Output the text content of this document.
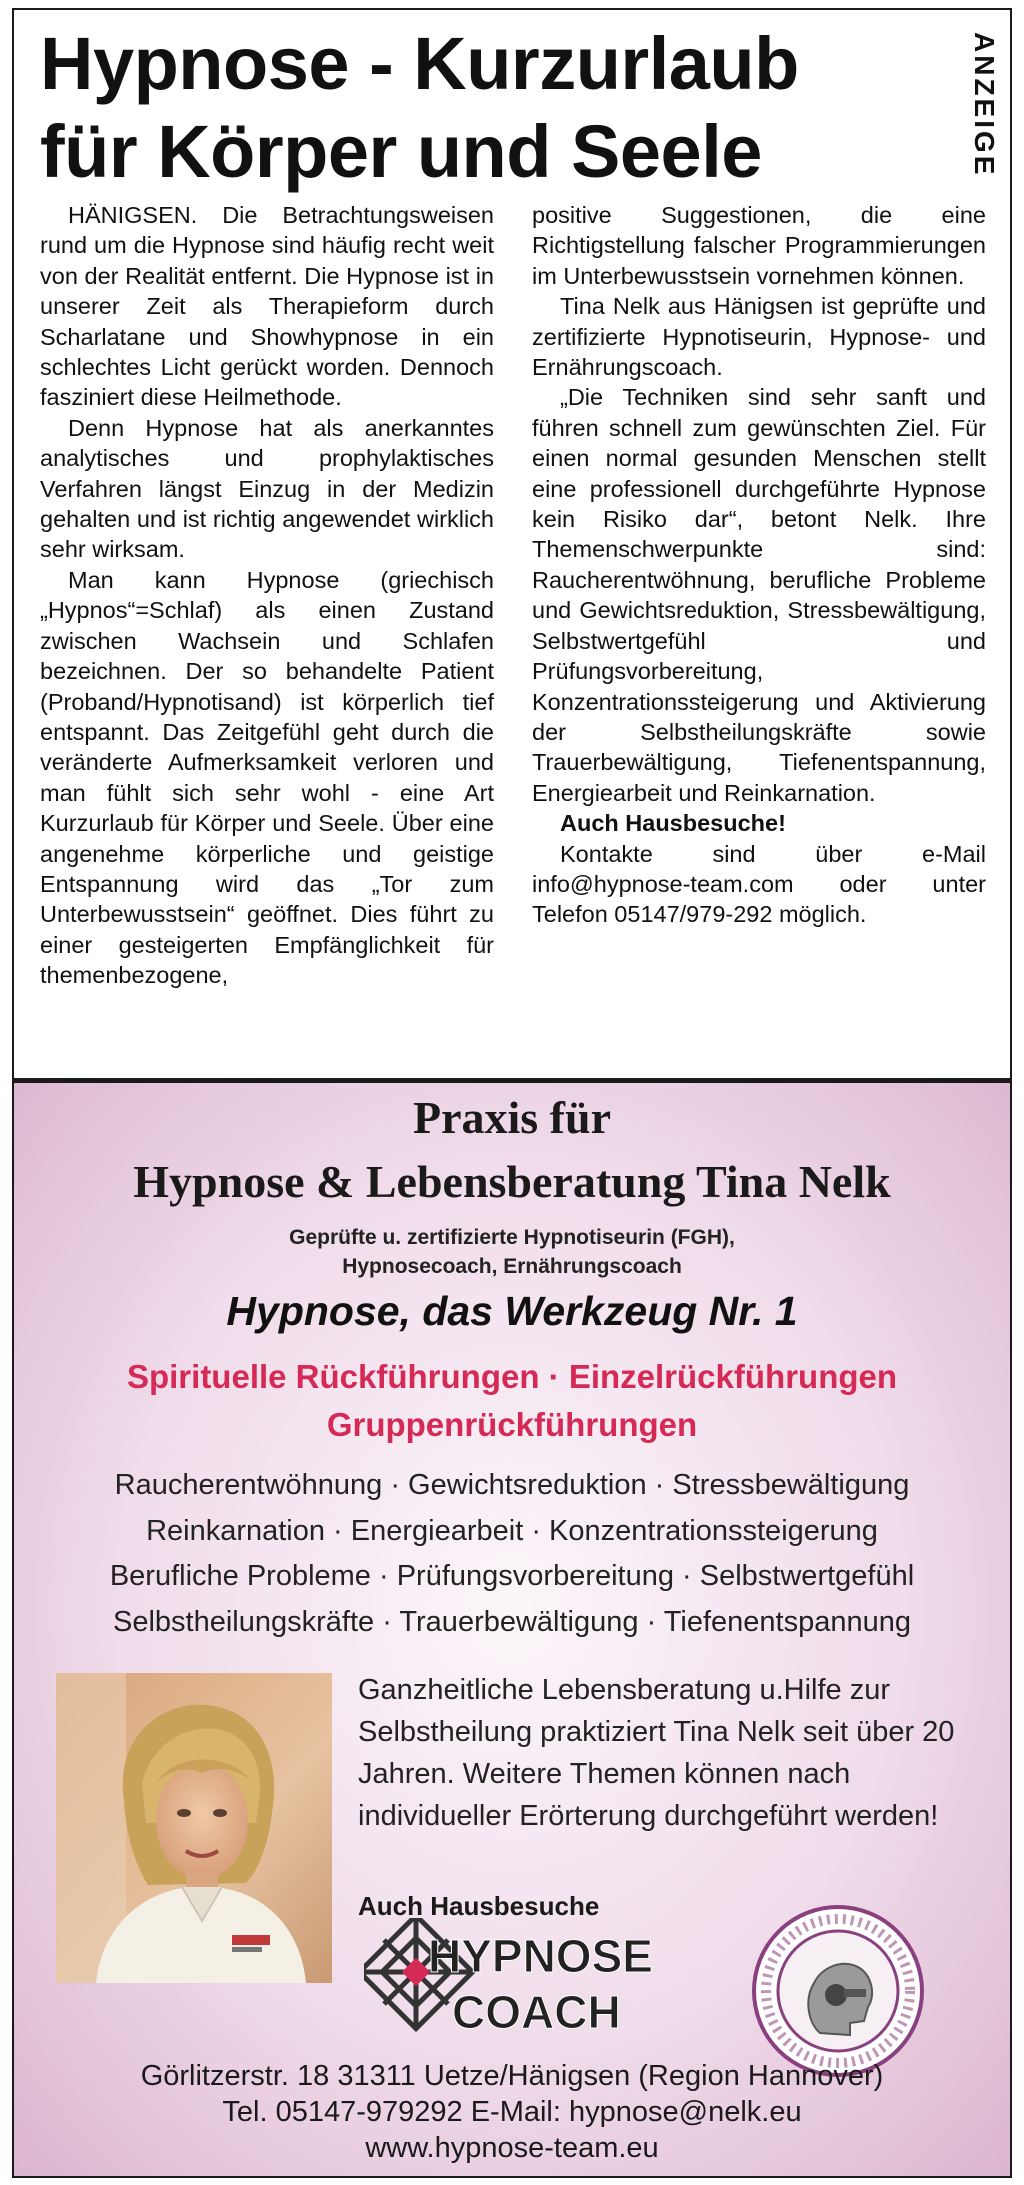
Hypnose - Kurzurlaub
für Körper und Seele	ANZEIGE

HÄNIGSEN. Die Betrachtungsweisen rund um die Hypnose sind häufig recht weit von der Realität entfernt. Die Hypnose ist in unserer Zeit als Therapieform durch Scharlatane und Showhypnose in ein schlechtes Licht gerückt worden. Dennoch fasziniert diese Heilmethode.

Denn Hypnose hat als anerkanntes analytisches und prophylaktisches Verfahren längst Einzug in der Medizin gehalten und ist richtig angewendet wirklich sehr wirksam.

Man kann Hypnose (griechisch „Hypnos“=Schlaf) als einen Zustand zwischen Wachsein und Schlafen bezeichnen. Der so behandelte Patient (Proband/Hypnotisand) ist körperlich tief entspannt. Das Zeitgefühl geht durch die veränderte Aufmerksamkeit verloren und man fühlt sich sehr wohl - eine Art Kurzurlaub für Körper und Seele. Über eine angenehme körperliche und geistige Entspannung wird das „Tor zum Unterbewusstsein“ geöffnet. Dies führt zu einer gesteigerten Empfänglichkeit für themenbezogene,

positive Suggestionen, die eine Richtigstellung falscher Programmierungen im Unterbewusstsein vornehmen können.

Tina Nelk aus Hänigsen ist geprüfte und zertifizierte Hypnotiseurin, Hypnose- und Ernährungscoach.

„Die Techniken sind sehr sanft und führen schnell zum gewünschten Ziel. Für einen normal gesunden Menschen stellt eine professionell durchgeführte Hypnose kein Risiko dar“, betont Nelk. Ihre Themenschwerpunkte sind: Raucherentwöhnung, berufliche Probleme und Gewichtsreduktion, Stressbewältigung, Selbstwertgefühl und Prüfungsvorbereitung, Konzentrationssteigerung und Aktivierung der Selbstheilungskräfte sowie Trauerbewältigung, Tiefenentspannung, Energiearbeit und Reinkarnation.

Auch Hausbesuche!

Kontakte sind über e-Mail info@hypnose-team.com oder unter Telefon 05147/979-292 möglich.

Praxis für

Hypnose & Lebensberatung Tina Nelk

Geprüfte u. zertifizierte Hypnotiseurin (FGH),
Hypnosecoach, Ernährungscoach

Hypnose, das Werkzeug Nr. 1

Spirituelle Rückführungen · Einzelrückführungen
Gruppenrückführungen

Raucherentwöhnung · Gewichtsreduktion · Stressbewältigung
Reinkarnation · Energiearbeit · Konzentrationssteigerung
Berufliche Probleme · Prüfungsvorbereitung · Selbstwertgefühl
Selbstheilungskräfte · Trauerbewältigung · Tiefenentspannung

Ganzheitliche Lebensberatung u.Hilfe zur Selbstheilung praktiziert Tina Nelk seit über 20 Jahren. Weitere Themen können nach individueller Erörterung durchgeführt werden!

Auch Hausbesuche

HYPNOSE
COACH

Görlitzerstr. 18 31311 Uetze/Hänigsen (Region Hannover)
Tel. 05147-979292 E-Mail: hypnose@nelk.eu
www.hypnose-team.eu
